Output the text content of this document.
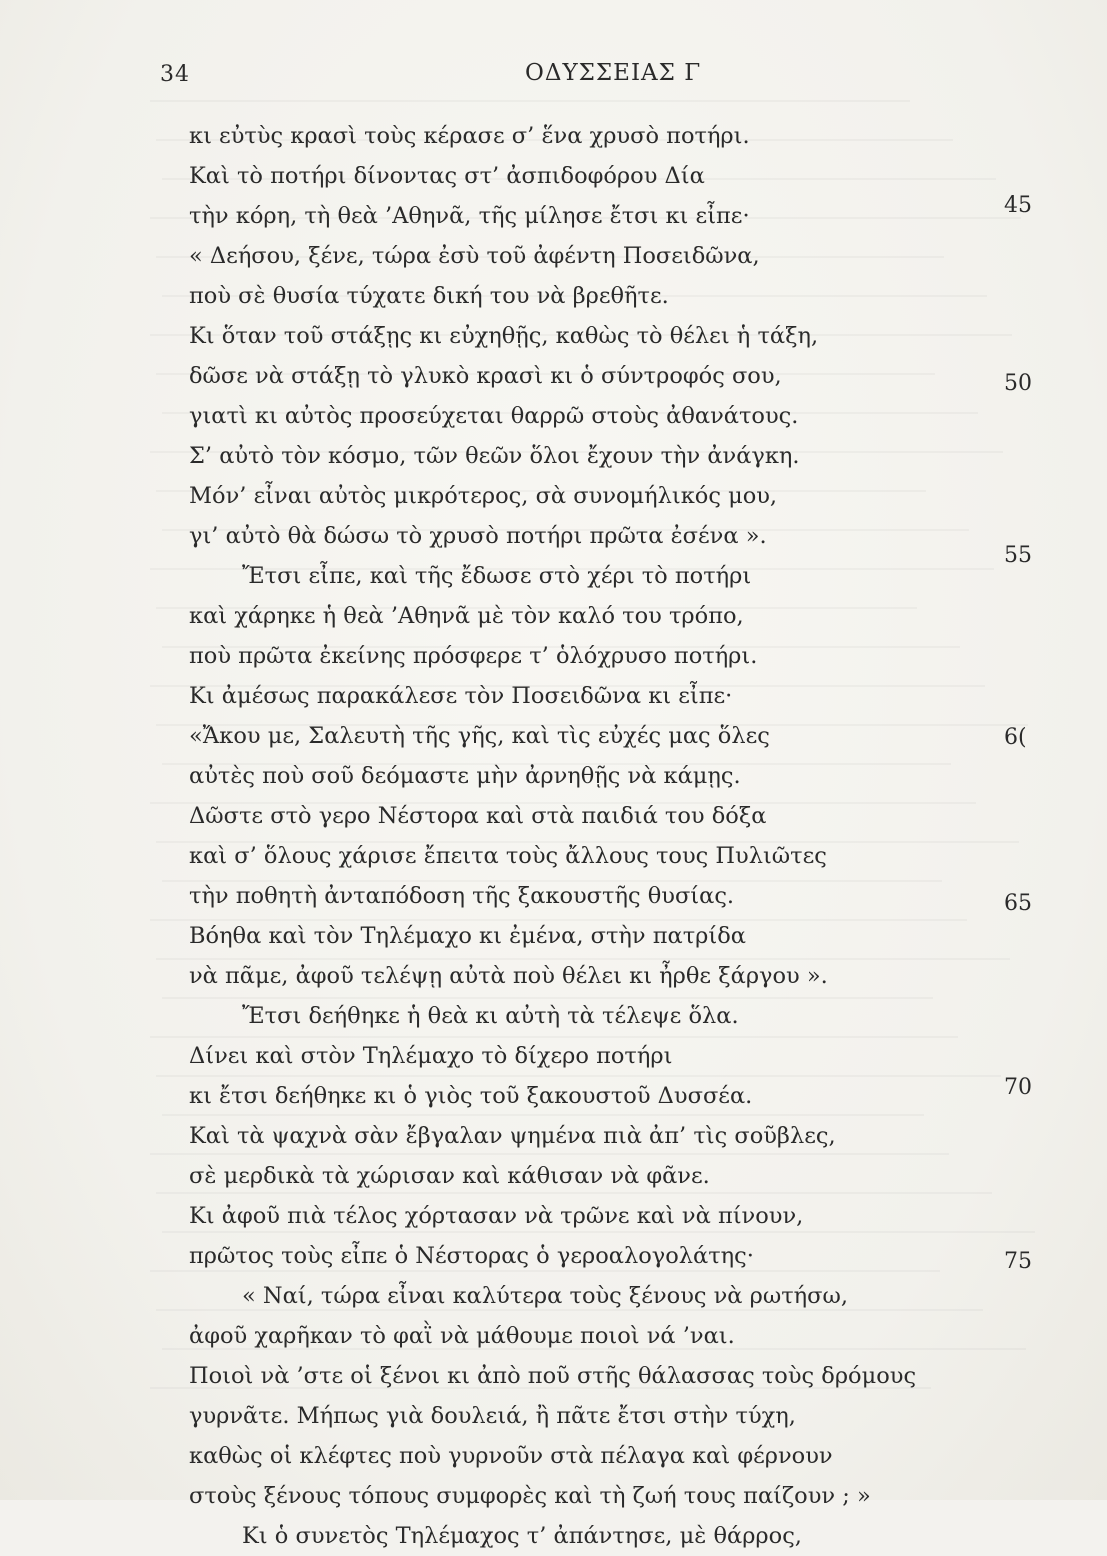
34	ΟΔΥΣΣΕΙΑΣ Γ
κι εὐτὺς κρασὶ τοὺς κέρασε σ’ ἕνα χρυσὸ ποτήρι.
Καὶ τὸ ποτήρι δίνοντας στ’ ἀσπιδοφόρου Δία
τὴν κόρη, τὴ θεὰ ’Αθηνᾶ, τῆς μίλησε ἔτσι κι εἶπε·
« Δεήσου, ξένε, τώρα ἐσὺ τοῦ ἀφέντη Ποσειδῶνα,
ποὺ σὲ θυσία τύχατε δική του νὰ βρεθῆτε.
Κι ὅταν τοῦ στάξῃς κι εὐχηθῇς, καθὼς τὸ θέλει ἡ τάξη,
δῶσε νὰ στάξῃ τὸ γλυκὸ κρασὶ κι ὁ σύντροφός σου,
γιατὶ κι αὐτὸς προσεύχεται θαρρῶ στοὺς ἀθανάτους.
Σ’ αὐτὸ τὸν κόσμο, τῶν θεῶν ὅλοι ἔχουν τὴν ἀνάγκη.
Μόν’ εἶναι αὐτὸς μικρότερος, σὰ συνομήλικός μου,
γι’ αὐτὸ θὰ δώσω τὸ χρυσὸ ποτήρι πρῶτα ἐσένα ».
Ἔτσι εἶπε, καὶ τῆς ἔδωσε στὸ χέρι τὸ ποτήρι
καὶ χάρηκε ἡ θεὰ ’Αθηνᾶ μὲ τὸν καλό του τρόπο,
ποὺ πρῶτα ἐκείνης πρόσφερε τ’ ὁλόχρυσο ποτήρι.
Κι ἀμέσως παρακάλεσε τὸν Ποσειδῶνα κι εἶπε·
«Ἄκου με, Σαλευτὴ τῆς γῆς, καὶ τὶς εὐχές μας ὅλες
αὐτὲς ποὺ σοῦ δεόμαστε μὴν ἀρνηθῇς νὰ κάμῃς.
Δῶστε στὸ γερο Νέστορα καὶ στὰ παιδιά του δόξα
καὶ σ’ ὅλους χάρισε ἔπειτα τοὺς ἄλλους τους Πυλιῶτες
τὴν ποθητὴ ἀνταπόδοση τῆς ξακουστῆς θυσίας.
Βόηθα καὶ τὸν Τηλέμαχο κι ἐμένα, στὴν πατρίδα
νὰ πᾶμε, ἀφοῦ τελέψῃ αὐτὰ ποὺ θέλει κι ἦρθε ξάργου ».
Ἔτσι δεήθηκε ἡ θεὰ κι αὐτὴ τὰ τέλεψε ὅλα.
Δίνει καὶ στὸν Τηλέμαχο τὸ δίχερο ποτήρι
κι ἔτσι δεήθηκε κι ὁ γιὸς τοῦ ξακουστοῦ Δυσσέα.
Καὶ τὰ ψαχνὰ σὰν ἔβγαλαν ψημένα πιὰ ἀπ’ τὶς σοῦβλες,
σὲ μερδικὰ τὰ χώρισαν καὶ κάθισαν νὰ φᾶνε.
Κι ἀφοῦ πιὰ τέλος χόρτασαν νὰ τρῶνε καὶ νὰ πίνουν,
πρῶτος τοὺς εἶπε ὁ Νέστορας ὁ γεροαλογολάτης·
« Ναί, τώρα εἶναι καλύτερα τοὺς ξένους νὰ ρωτήσω,
ἀφοῦ χαρῆκαν τὸ φαῒ νὰ μάθουμε ποιοὶ νά ’ναι.
Ποιοὶ νὰ ’στε οἱ ξένοι κι ἀπὸ ποῦ στῆς θάλασσας τοὺς δρόμους
γυρνᾶτε. Μήπως γιὰ δουλειά, ἢ πᾶτε ἔτσι στὴν τύχη,
καθὼς οἱ κλέφτες ποὺ γυρνοῦν στὰ πέλαγα καὶ φέρνουν
στοὺς ξένους τόπους συμφορὲς καὶ τὴ ζωή τους παίζουν ; »
Κι ὁ συνετὸς Τηλέμαχος τ’ ἀπάντησε, μὲ θάρρος,
45
50
55
6(
65
70
75
